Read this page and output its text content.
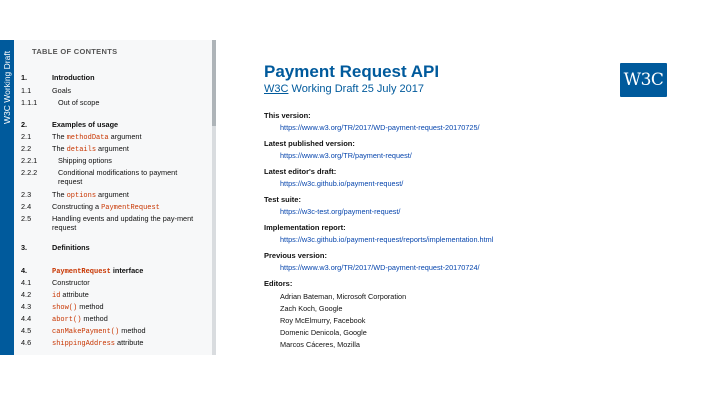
W3C Working Draft	TABLE OF CONTENTS
1.	Introduction
1.1	Goals
1.1.1	Out of scope
2.	Examples of usage
2.1	The methodData argument
2.2	The details argument
2.2.1	Shipping options
2.2.2	Conditional modifications to payment request
2.3	The options argument
2.4	Constructing a PaymentRequest
2.5	Handling events and updating the pay-ment request
3.	Definitions
4.	PaymentRequest interface
4.1	Constructor
4.2	id attribute
4.3	show() method
4.4	abort() method
4.5	canMakePayment() method
4.6	shippingAddress attribute
Payment Request API
W3C Working Draft 25 July 2017	W3C
This version:
https://www.w3.org/TR/2017/WD-payment-request-20170725/
Latest published version:
https://www.w3.org/TR/payment-request/
Latest editor's draft:
https://w3c.github.io/payment-request/
Test suite:
https://w3c-test.org/payment-request/
Implementation report:
https://w3c.github.io/payment-request/reports/implementation.html
Previous version:
https://www.w3.org/TR/2017/WD-payment-request-20170724/
Editors:
Adrian Bateman, Microsoft Corporation
Zach Koch, Google
Roy McElmurry, Facebook
Domenic Denicola, Google
Marcos Cáceres, Mozilla
